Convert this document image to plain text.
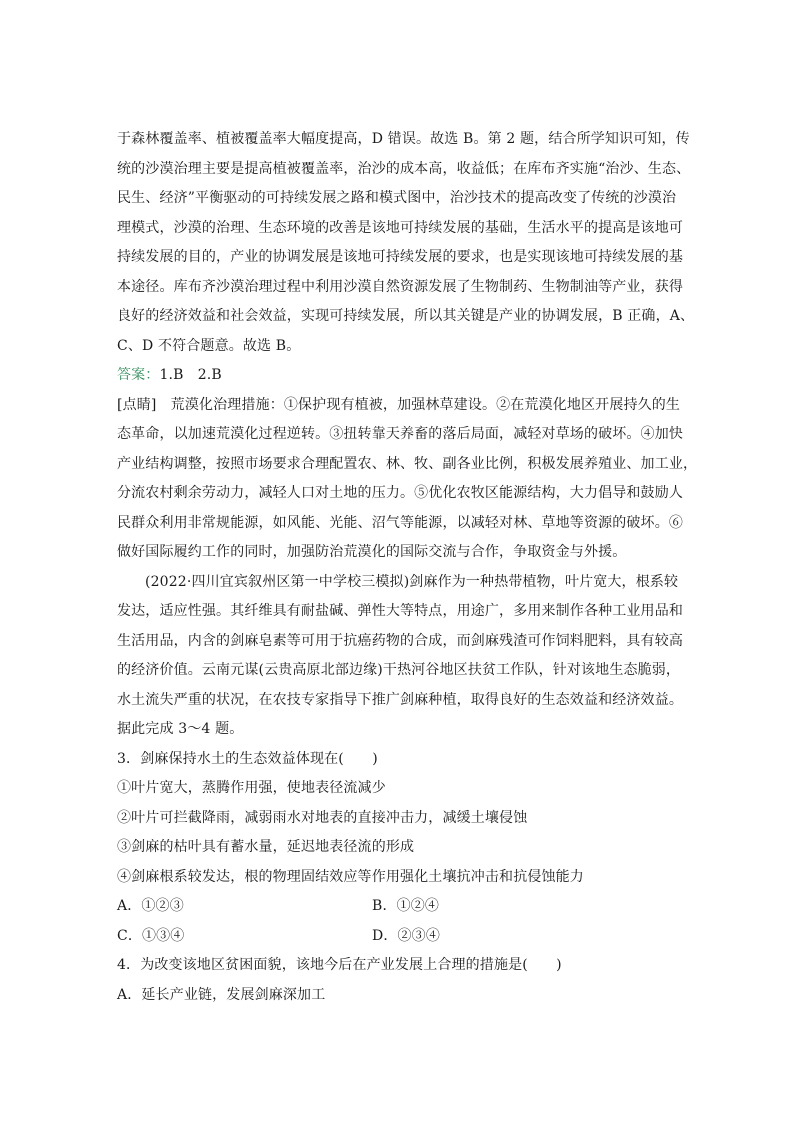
于森林覆盖率、植被覆盖率大幅度提高，D 错误。故选 B。第 2 题，结合所学知识可知，传
统的沙漠治理主要是提高植被覆盖率，治沙的成本高，收益低；在库布齐实施“治沙、生态、
民生、经济”平衡驱动的可持续发展之路和模式图中，治沙技术的提高改变了传统的沙漠治
理模式，沙漠的治理、生态环境的改善是该地可持续发展的基础，生活水平的提高是该地可
持续发展的目的，产业的协调发展是该地可持续发展的要求，也是实现该地可持续发展的基
本途径。库布齐沙漠治理过程中利用沙漠自然资源发展了生物制药、生物制油等产业，获得
良好的经济效益和社会效益，实现可持续发展，所以其关键是产业的协调发展，B 正确，A、
C、D 不符合题意。故选 B。
答案：1.B　2.B
[点睛]　荒漠化治理措施：①保护现有植被，加强林草建设。②在荒漠化地区开展持久的生
态革命，以加速荒漠化过程逆转。③扭转靠天养畜的落后局面，减轻对草场的破坏。④加快
产业结构调整，按照市场要求合理配置农、林、牧、副各业比例，积极发展养殖业、加工业，
分流农村剩余劳动力，减轻人口对土地的压力。⑤优化农牧区能源结构，大力倡导和鼓励人
民群众利用非常规能源，如风能、光能、沼气等能源，以减轻对林、草地等资源的破坏。⑥
做好国际履约工作的同时，加强防治荒漠化的国际交流与合作，争取资金与外援。
(2022·四川宜宾叙州区第一中学校三模拟)剑麻作为一种热带植物，叶片宽大，根系较
发达，适应性强。其纤维具有耐盐碱、弹性大等特点，用途广，多用来制作各种工业用品和
生活用品，内含的剑麻皂素等可用于抗癌药物的合成，而剑麻残渣可作饲料肥料，具有较高
的经济价值。云南元谋(云贵高原北部边缘)干热河谷地区扶贫工作队，针对该地生态脆弱，
水土流失严重的状况，在农技专家指导下推广剑麻种植，取得良好的生态效益和经济效益。
据此完成 3～4 题。
3．剑麻保持水土的生态效益体现在(　　)
①叶片宽大，蒸腾作用强，使地表径流减少
②叶片可拦截降雨，减弱雨水对地表的直接冲击力，减缓土壤侵蚀
③剑麻的枯叶具有蓄水量，延迟地表径流的形成
④剑麻根系较发达，根的物理固结效应等作用强化土壤抗冲击和抗侵蚀能力
A．①②③	B．①②④
C．①③④	D．②③④
4．为改变该地区贫困面貌，该地今后在产业发展上合理的措施是(　　)
A．延长产业链，发展剑麻深加工
